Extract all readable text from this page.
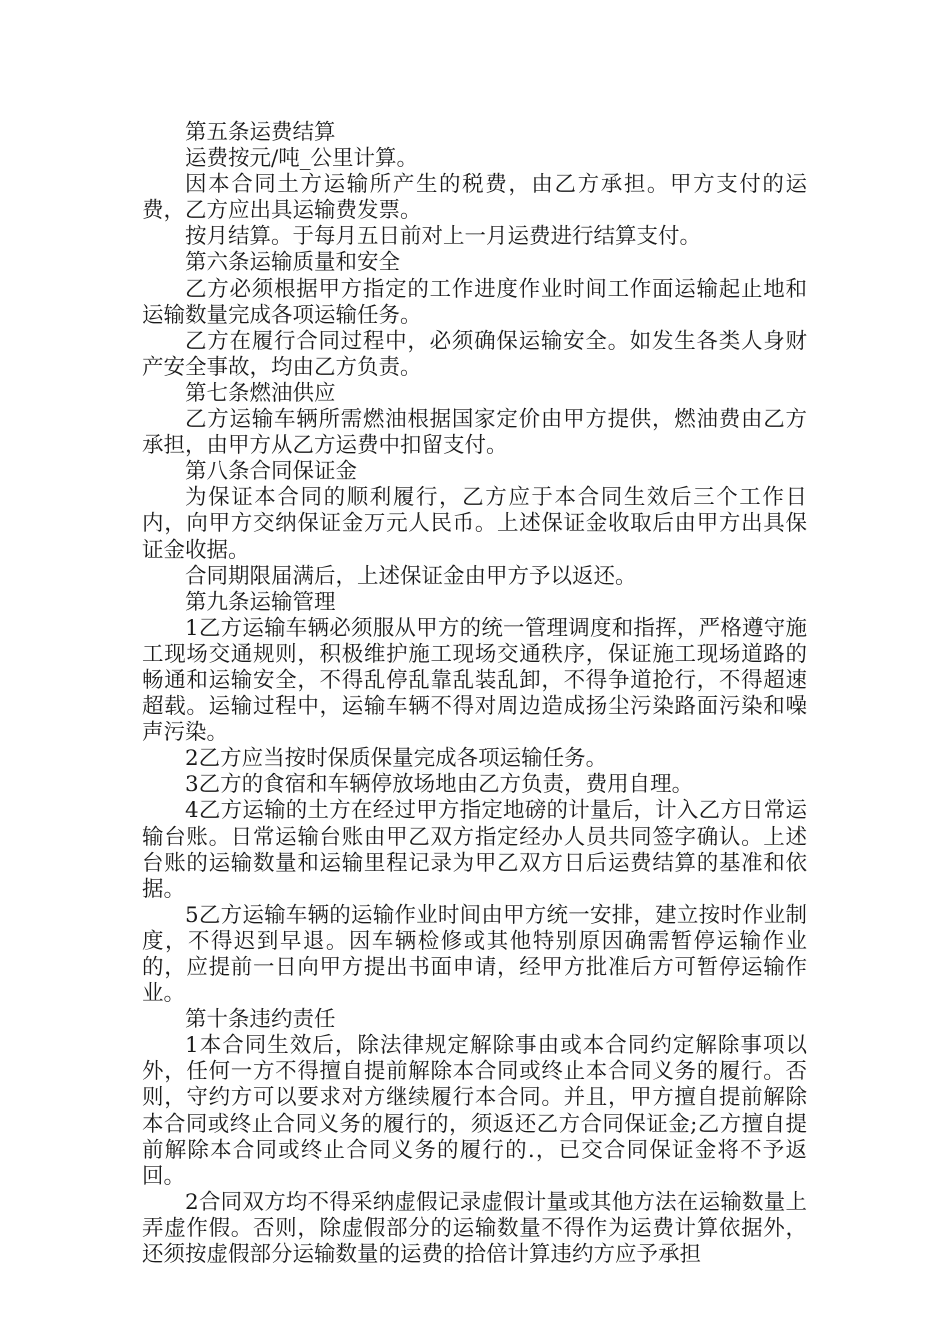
第五条运费结算

运费按元/吨_公里计算。

因本合同土方运输所产生的税费，由乙方承担。甲方支付的运费，乙方应出具运输费发票。

按月结算。于每月五日前对上一月运费进行结算支付。

第六条运输质量和安全

乙方必须根据甲方指定的工作进度作业时间工作面运输起止地和运输数量完成各项运输任务。

乙方在履行合同过程中，必须确保运输安全。如发生各类人身财产安全事故，均由乙方负责。

第七条燃油供应

乙方运输车辆所需燃油根据国家定价由甲方提供，燃油费由乙方承担，由甲方从乙方运费中扣留支付。

第八条合同保证金

为保证本合同的顺利履行，乙方应于本合同生效后三个工作日内，向甲方交纳保证金万元人民币。上述保证金收取后由甲方出具保证金收据。

合同期限届满后，上述保证金由甲方予以返还。

第九条运输管理

1乙方运输车辆必须服从甲方的统一管理调度和指挥，严格遵守施工现场交通规则，积极维护施工现场交通秩序，保证施工现场道路的畅通和运输安全，不得乱停乱靠乱装乱卸，不得争道抢行，不得超速超载。运输过程中，运输车辆不得对周边造成扬尘污染路面污染和噪声污染。

2乙方应当按时保质保量完成各项运输任务。

3乙方的食宿和车辆停放场地由乙方负责，费用自理。

4乙方运输的土方在经过甲方指定地磅的计量后，计入乙方日常运输台账。日常运输台账由甲乙双方指定经办人员共同签字确认。上述台账的运输数量和运输里程记录为甲乙双方日后运费结算的基准和依据。

5乙方运输车辆的运输作业时间由甲方统一安排，建立按时作业制度，不得迟到早退。因车辆检修或其他特别原因确需暂停运输作业的，应提前一日向甲方提出书面申请，经甲方批准后方可暂停运输作业。

第十条违约责任

1本合同生效后，除法律规定解除事由或本合同约定解除事项以外，任何一方不得擅自提前解除本合同或终止本合同义务的履行。否则，守约方可以要求对方继续履行本合同。并且，甲方擅自提前解除本合同或终止合同义务的履行的，须返还乙方合同保证金;乙方擅自提前解除本合同或终止合同义务的履行的.，已交合同保证金将不予返回。

2合同双方均不得采纳虚假记录虚假计量或其他方法在运输数量上弄虚作假。否则，除虚假部分的运输数量不得作为运费计算依据外，还须按虚假部分运输数量的运费的拾倍计算违约方应予承担
